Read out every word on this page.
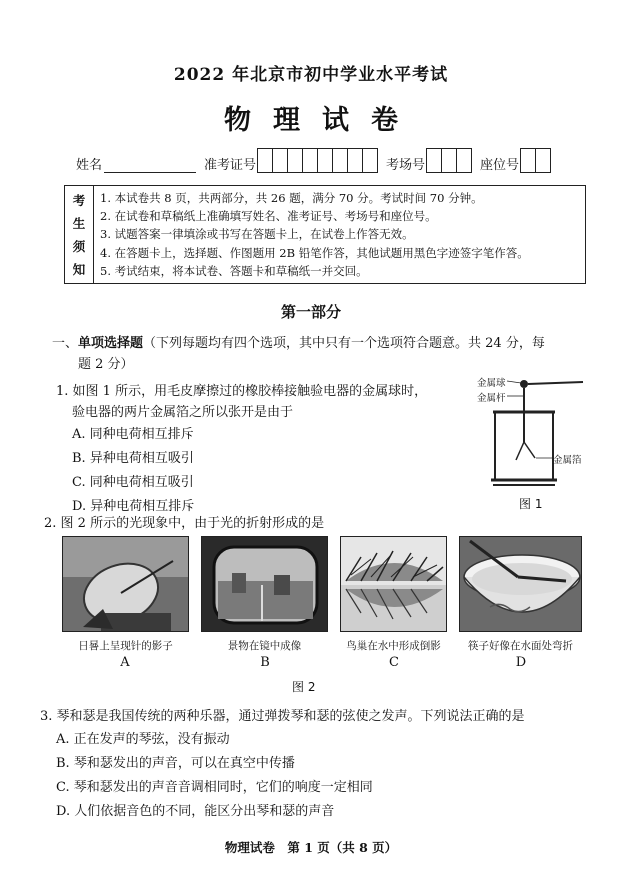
2022 年北京市初中学业水平考试
物理试卷
姓名	准考证号	考场号	座位号
考
生
须
知
1. 本试卷共 8 页，共两部分，共 26 题，满分 70 分。考试时间 70 分钟。
2. 在试卷和草稿纸上准确填写姓名、准考证号、考场号和座位号。
3. 试题答案一律填涂或书写在答题卡上，在试卷上作答无效。
4. 在答题卡上，选择题、作图题用 2B 铅笔作答，其他试题用黑色字迹签字笔作答。
5. 考试结束，将本试卷、答题卡和草稿纸一并交回。
第一部分
一、单项选择题（下列每题均有四个选项，其中只有一个选项符合题意。共 24 分，每
题 2 分）
1. 如图 1 所示，用毛皮摩擦过的橡胶棒接触验电器的金属球时，
验电器的两片金属箔之所以张开是由于
A. 同种电荷相互排斥
B. 异种电荷相互吸引
C. 同种电荷相互吸引
D. 异种电荷相互排斥
金属球
金属杆
金属箔
图 1
2. 图 2 所示的光现象中，由于光的折射形成的是
日晷上呈现针的影子	景物在镜中成像	鸟巢在水中形成倒影	筷子好像在水面处弯折
A	B	C	D
图 2
3. 琴和瑟是我国传统的两种乐器，通过弹拨琴和瑟的弦使之发声。下列说法正确的是
A. 正在发声的琴弦，没有振动
B. 琴和瑟发出的声音，可以在真空中传播
C. 琴和瑟发出的声音音调相同时，它们的响度一定相同
D. 人们依据音色的不同，能区分出琴和瑟的声音
物理试卷　第 1 页（共 8 页）
